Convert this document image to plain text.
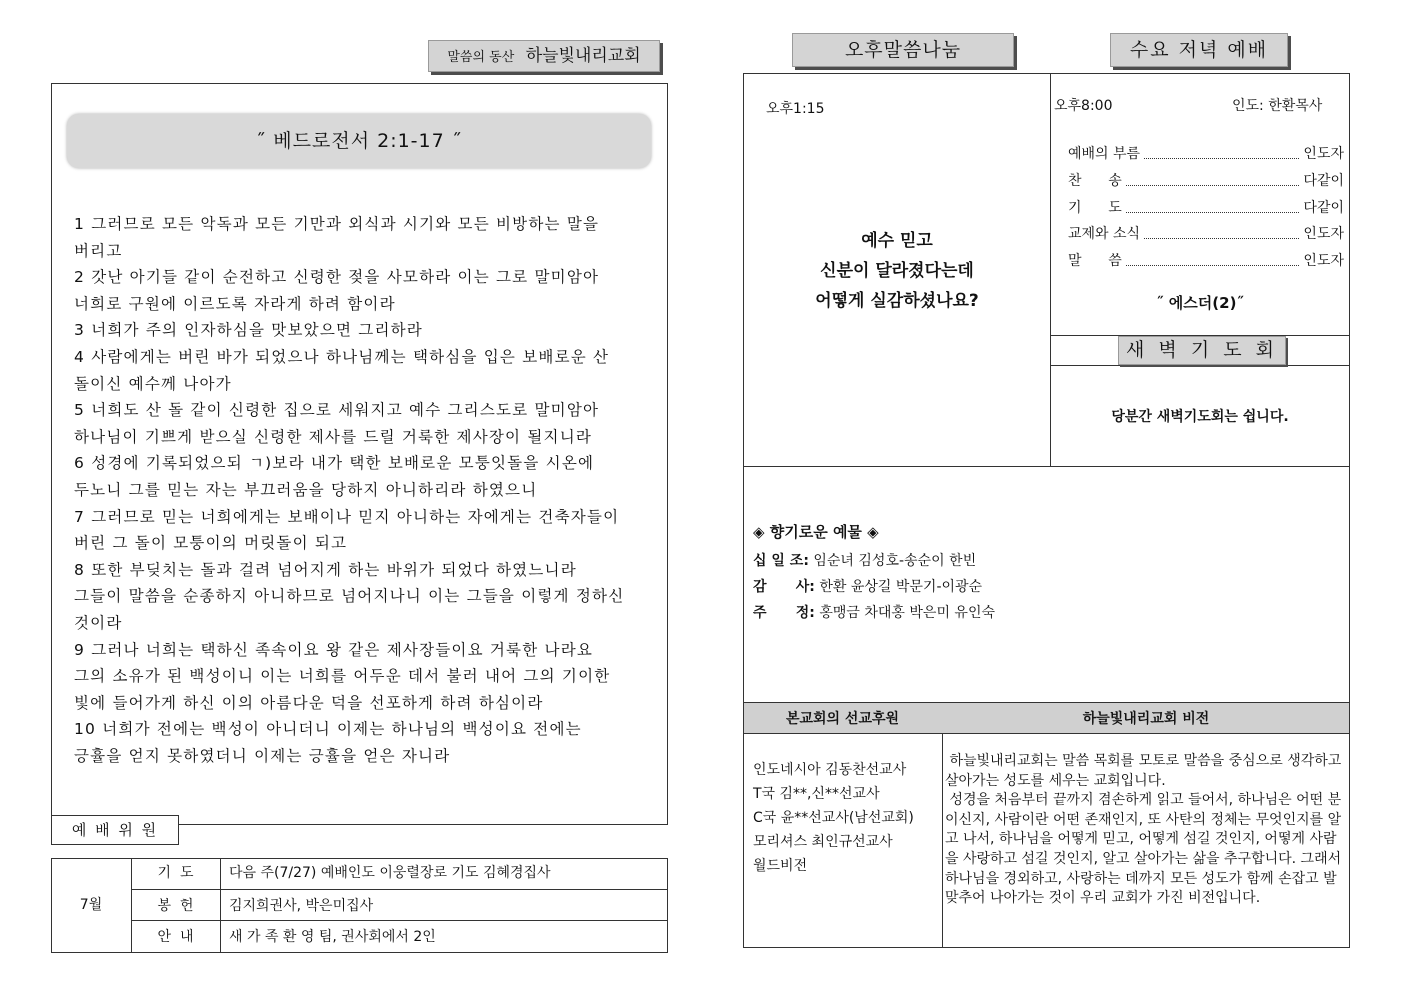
말씀의 동산 하늘빛내리교회
˝ 베드로전서 2:1-17 ˝

1 그러므로 모든 악독과 모든 기만과 외식과 시기와 모든 비방하는 말을

버리고

2 갓난 아기들 같이 순전하고 신령한 젖을 사모하라 이는 그로 말미암아

너희로 구원에 이르도록 자라게 하려 함이라

3 너희가 주의 인자하심을 맛보았으면 그리하라

4 사람에게는 버린 바가 되었으나 하나님께는 택하심을 입은 보배로운 산

돌이신 예수께 나아가

5 너희도 산 돌 같이 신령한 집으로 세워지고 예수 그리스도로 말미암아

하나님이 기쁘게 받으실 신령한 제사를 드릴 거룩한 제사장이 될지니라

6 성경에 기록되었으되 ㄱ)보라 내가 택한 보배로운 모퉁잇돌을 시온에

두노니 그를 믿는 자는 부끄러움을 당하지 아니하리라 하였으니

7 그러므로 믿는 너희에게는 보배이나 믿지 아니하는 자에게는 건축자들이

버린 그 돌이 모퉁이의 머릿돌이 되고

8 또한 부딪치는 돌과 걸려 넘어지게 하는 바위가 되었다 하였느니라

그들이 말씀을 순종하지 아니하므로 넘어지나니 이는 그들을 이렇게 정하신

것이라

9 그러나 너희는 택하신 족속이요 왕 같은 제사장들이요 거룩한 나라요

그의 소유가 된 백성이니 이는 너희를 어두운 데서 불러 내어 그의 기이한

빛에 들어가게 하신 이의 아름다운 덕을 선포하게 하려 하심이라

10 너희가 전에는 백성이 아니더니 이제는 하나님의 백성이요 전에는

긍휼을 얻지 못하였더니 이제는 긍휼을 얻은 자니라

예 배 위 원
7월
기  도	다음 주(7/27) 예배인도 이웅렬장로 기도 김혜경집사
봉  헌	김지희권사, 박은미집사
안  내	새 가 족 환 영 팀, 권사회에서 2인
오후말씀나눔	수요 저녁 예배
오후1:15
예수 믿고
신분이 달라졌다는데
어떻게 실감하셨나요?
오후8:00	인도: 한환목사
예배의 부름	인도자
찬      송	다같이
기      도	다같이
교제와 소식	인도자
말      씀	인도자
˝ 에스더(2)˝
새 벽 기 도 회
당분간 새벽기도회는 쉽니다.
◈ 향기로운 예물 ◈
십 일 조: 임순녀 김성호-송순이 한빈
감      사: 한환 윤상길 박문기-이광순
주      정: 홍맹금 차대홍 박은미 유인숙
본교회의 선교후원	하늘빛내리교회 비전

인도네시아 김동찬선교사

T국 김**,신**선교사

C국 윤**선교사(남선교회)

모리셔스 최인규선교사

월드비전

하늘빛내리교회는 말씀 목회를 모토로 말씀을 중심으로 생각하고 살아가는 성도를 세우는 교회입니다.

성경을 처음부터 끝까지 겸손하게 읽고 들어서, 하나님은 어떤 분이신지, 사람이란 어떤 존재인지, 또 사탄의 정체는 무엇인지를 알고 나서, 하나님을 어떻게 믿고, 어떻게 섬길 것인지, 어떻게 사람을 사랑하고 섬길 것인지, 알고 살아가는 삶을 추구합니다. 그래서 하나님을 경외하고, 사랑하는 데까지 모든 성도가 함께 손잡고 발맞추어 나아가는 것이 우리 교회가 가진 비전입니다.
